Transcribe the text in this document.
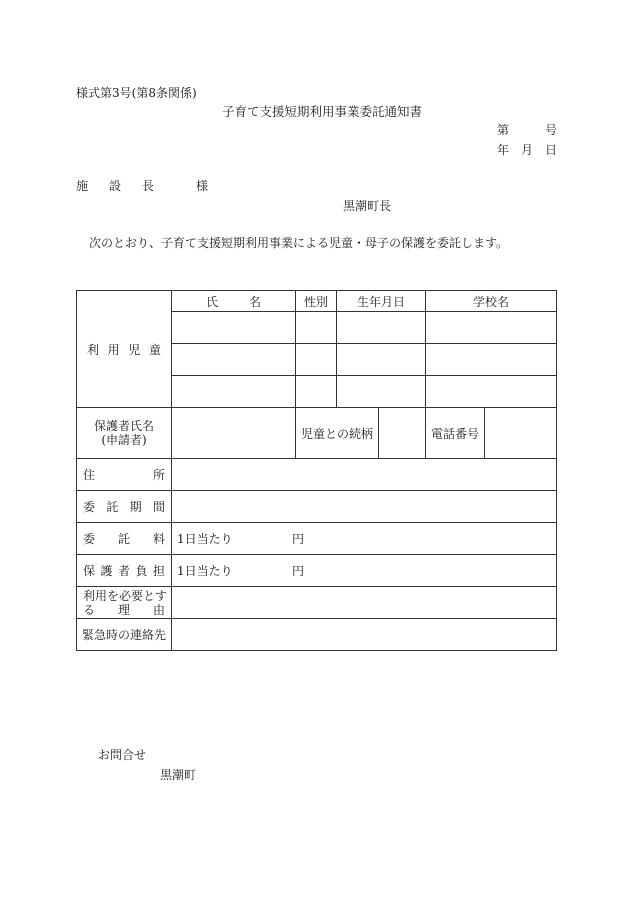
様式第3号(第8条関係)
子育て支援短期利用事業委託通知書
第　　　号
年　月　日
施 設 長	様
黒潮町長
次のとおり、子育て支援短期利用事業による児童・母子の保護を委託します。
利 用 児 童	氏 名	性別	生年月日		学校名	

保護者氏名
(申請者)		児童との続柄			電話番号	

住 所						

委 託 期 間						

委 託 料	1日当たり 円					

保 護 者 負 担	1日当たり 円					

利用を必要とす
る 理 由						

緊急時の連絡先						
お問合せ
黒潮町
